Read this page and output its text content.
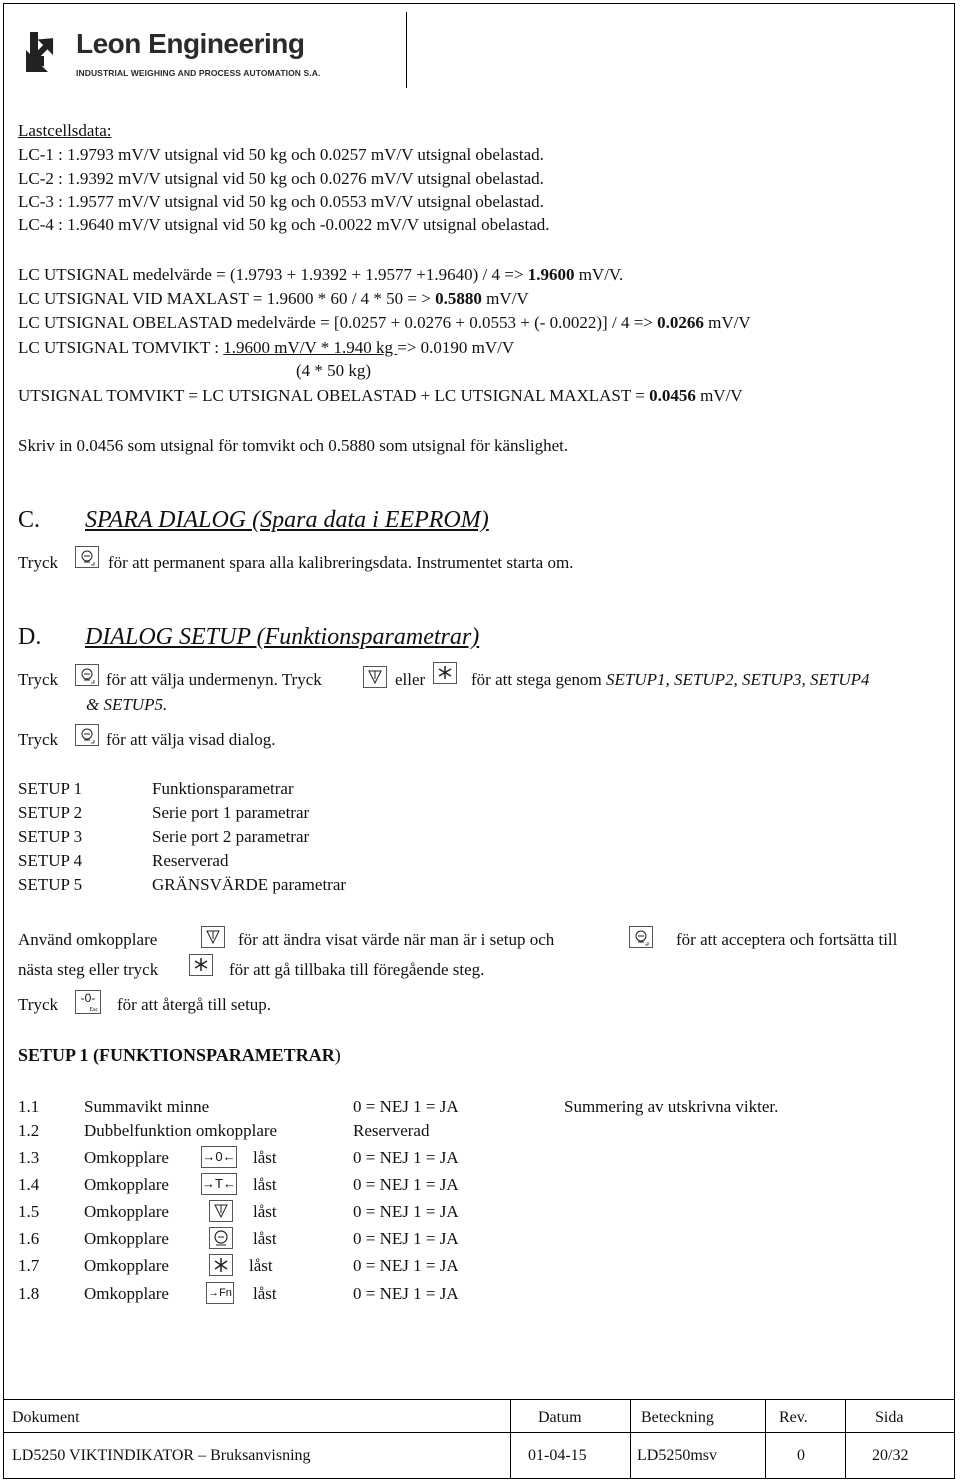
Leon Engineering
INDUSTRIAL WEIGHING AND PROCESS AUTOMATION S.A.
Lastcellsdata:
LC-1 : 1.9793 mV/V utsignal vid 50 kg och 0.0257 mV/V utsignal obelastad.
LC-2 : 1.9392 mV/V utsignal vid 50 kg och 0.0276 mV/V utsignal obelastad.
LC-3 : 1.9577 mV/V utsignal vid 50 kg och 0.0553 mV/V utsignal obelastad.
LC-4 : 1.9640 mV/V utsignal vid 50 kg och -0.0022 mV/V utsignal obelastad.
LC UTSIGNAL medelvärde = (1.9793 + 1.9392 + 1.9577 +1.9640) / 4 => 1.9600 mV/V.
LC UTSIGNAL VID MAXLAST = 1.9600 * 60 / 4 * 50 = > 0.5880 mV/V
LC UTSIGNAL OBELASTAD medelvärde = [0.0257 + 0.0276 + 0.0553 + (- 0.0022)] / 4 => 0.0266 mV/V
LC UTSIGNAL TOMVIKT : 1.9600 mV/V * 1.940 kg => 0.0190 mV/V
(4 * 50 kg)
UTSIGNAL TOMVIKT = LC UTSIGNAL OBELASTAD + LC UTSIGNAL MAXLAST = 0.0456 mV/V
Skriv in 0.0456 som utsignal för tomvikt och 0.5880 som utsignal för känslighet.
C. SPARA DIALOG (Spara data i EEPROM)
Tryck	för att permanent spara alla kalibreringsdata. Instrumentet starta om.
D. DIALOG SETUP (Funktionsparametrar)
Tryck	för att välja undermenyn. Tryck	eller	för att stega genom SETUP1, SETUP2, SETUP3, SETUP4
& SETUP5.
Tryck	för att välja visad dialog.
SETUP 1	Funktionsparametrar
SETUP 2	Serie port 1 parametrar
SETUP 3	Serie port 2 parametrar
SETUP 4	Reserverad
SETUP 5	GRÄNSVÄRDE parametrar
Använd omkopplare	för att ändra visat värde när man är i setup och	för att acceptera och fortsätta till
nästa steg eller tryck	för att gå tillbaka till föregående steg.
Tryck	-0-
Esc för att återgå till setup.
SETUP 1 (FUNKTIONSPARAMETRAR)
1.1	Summavikt minne	0 = NEJ 1 = JA	Summering av utskrivna vikter.
1.2	Dubbelfunktion omkopplare	Reserverad
1.3	Omkopplare	→0← låst	0 = NEJ 1 = JA
1.4	Omkopplare	→T← låst	0 = NEJ 1 = JA
1.5	Omkopplare	låst	0 = NEJ 1 = JA
1.6	Omkopplare	låst	0 = NEJ 1 = JA
1.7	Omkopplare	låst	0 = NEJ 1 = JA
1.8	Omkopplare	→Fn låst	0 = NEJ 1 = JA
Dokument	Datum	Beteckning	Rev.	Sida
LD5250 VIKTINDIKATOR – Bruksanvisning	01-04-15	LD5250msv	0	20/32
